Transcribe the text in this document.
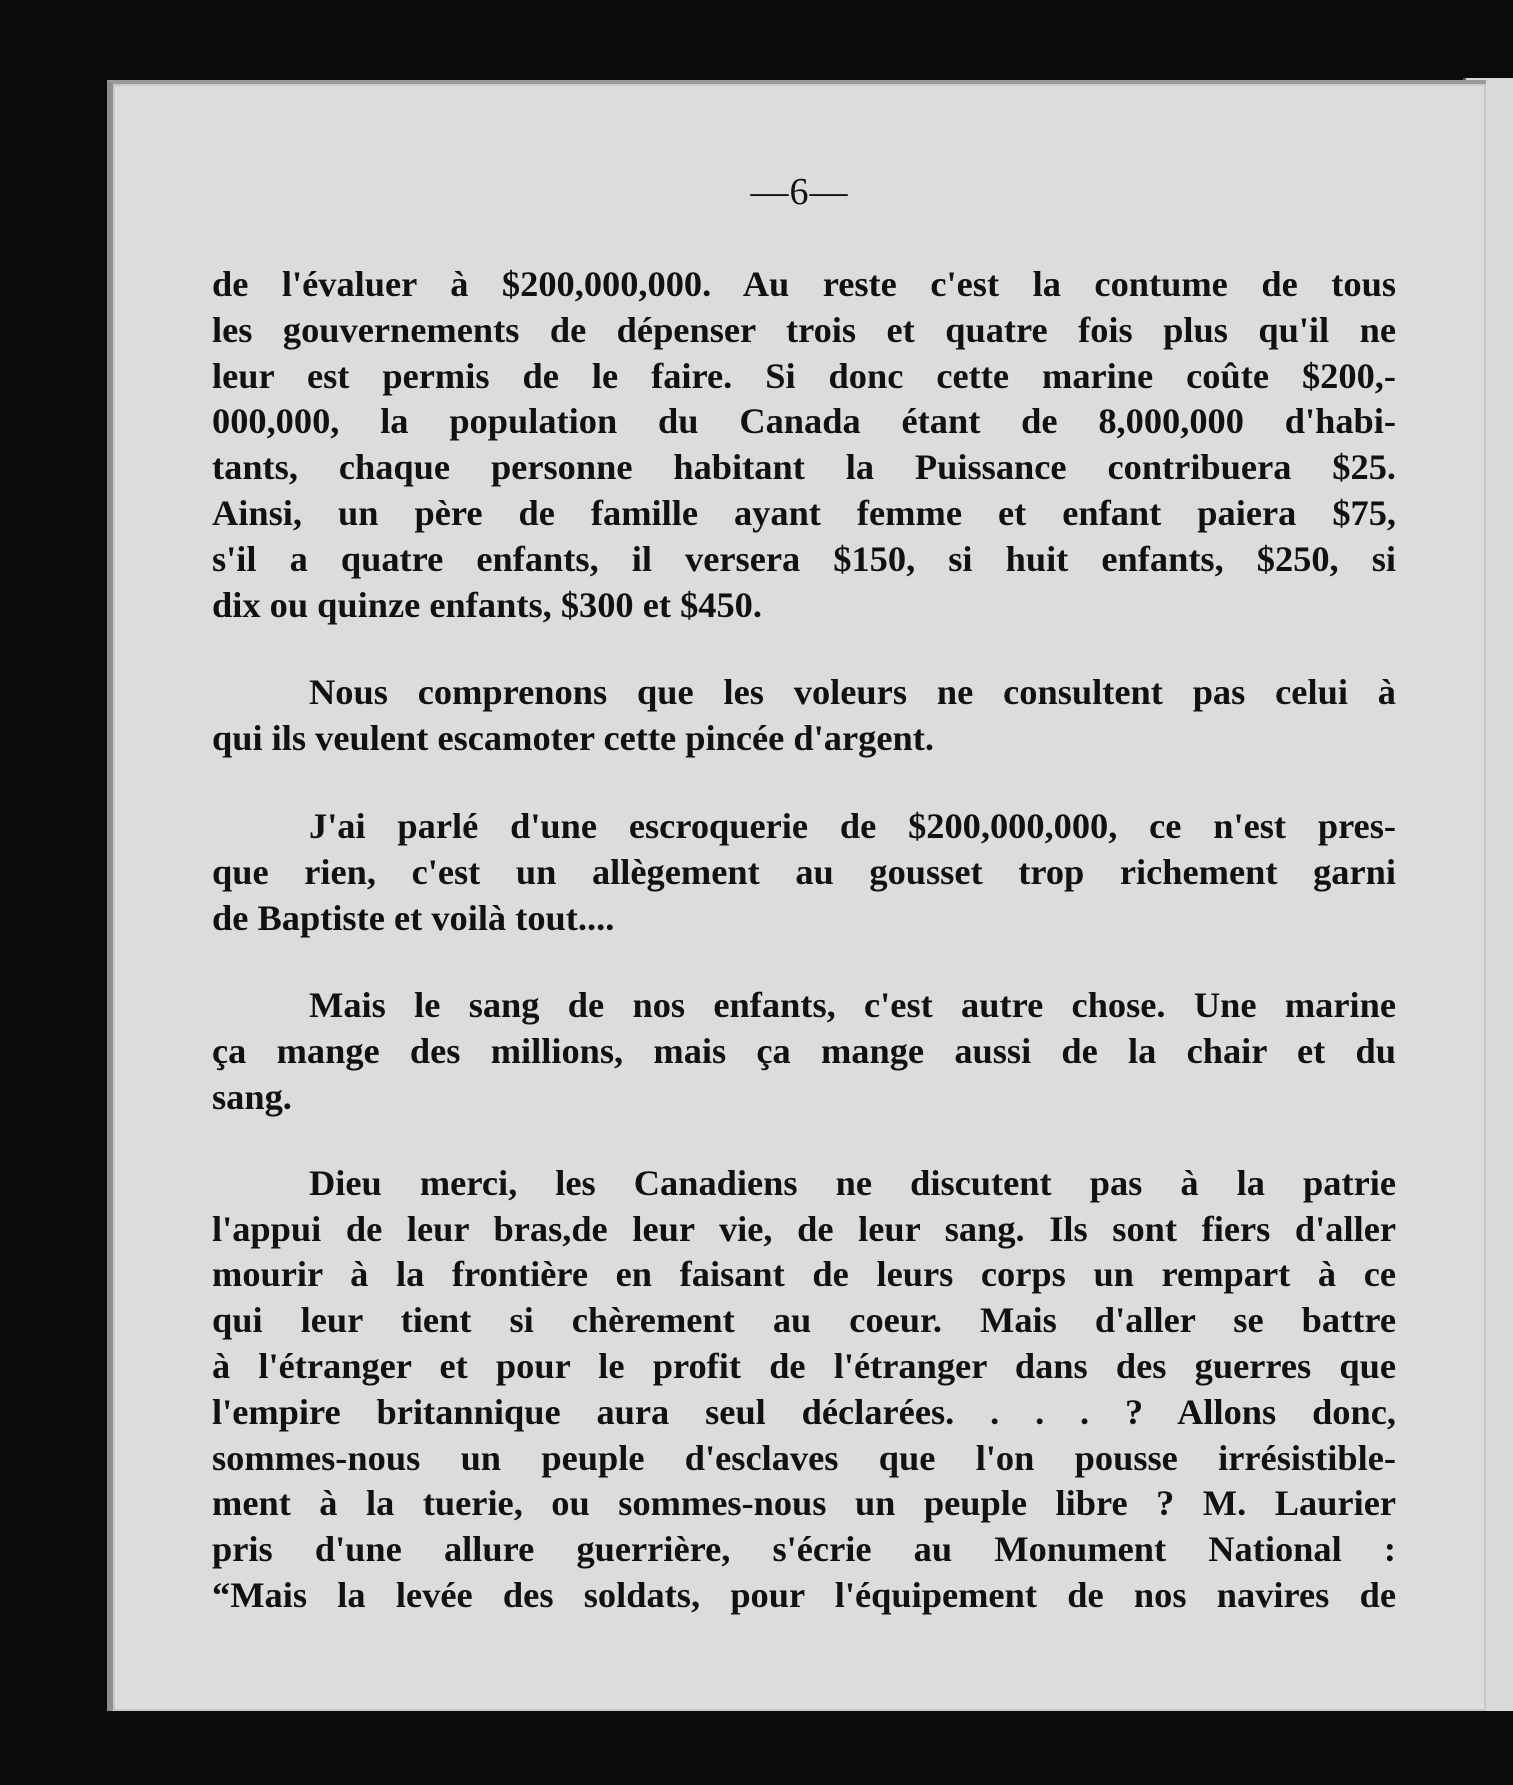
—6—
de l'évaluer à $200,000,000. Au reste c'est la contume de tous
les gouvernements de dépenser trois et quatre fois plus qu'il ne
leur est permis de le faire. Si donc cette marine coûte $200,-
000,000, la population du Canada étant de 8,000,000 d'habi-
tants, chaque personne habitant la Puissance contribuera $25.
Ainsi, un père de famille ayant femme et enfant paiera $75,
s'il a quatre enfants, il versera $150, si huit enfants, $250, si
dix ou quinze enfants, $300 et $450.
Nous comprenons que les voleurs ne consultent pas celui à
qui ils veulent escamoter cette pincée d'argent.
J'ai parlé d'une escroquerie de $200,000,000, ce n'est pres-
que rien, c'est un allègement au gousset trop richement garni
de Baptiste et voilà tout....
Mais le sang de nos enfants, c'est autre chose. Une marine
ça mange des millions, mais ça mange aussi de la chair et du
sang.
Dieu merci, les Canadiens ne discutent pas à la patrie
l'appui de leur bras,de leur vie, de leur sang. Ils sont fiers d'aller
mourir à la frontière en faisant de leurs corps un rempart à ce
qui leur tient si chèrement au coeur. Mais d'aller se battre
à l'étranger et pour le profit de l'étranger dans des guerres que
l'empire britannique aura seul déclarées. . . . ? Allons donc,
sommes-nous un peuple d'esclaves que l'on pousse irrésistible-
ment à la tuerie, ou sommes-nous un peuple libre ? M. Laurier
pris d'une allure guerrière, s'écrie au Monument National :
“Mais la levée des soldats, pour l'équipement de nos navires de
